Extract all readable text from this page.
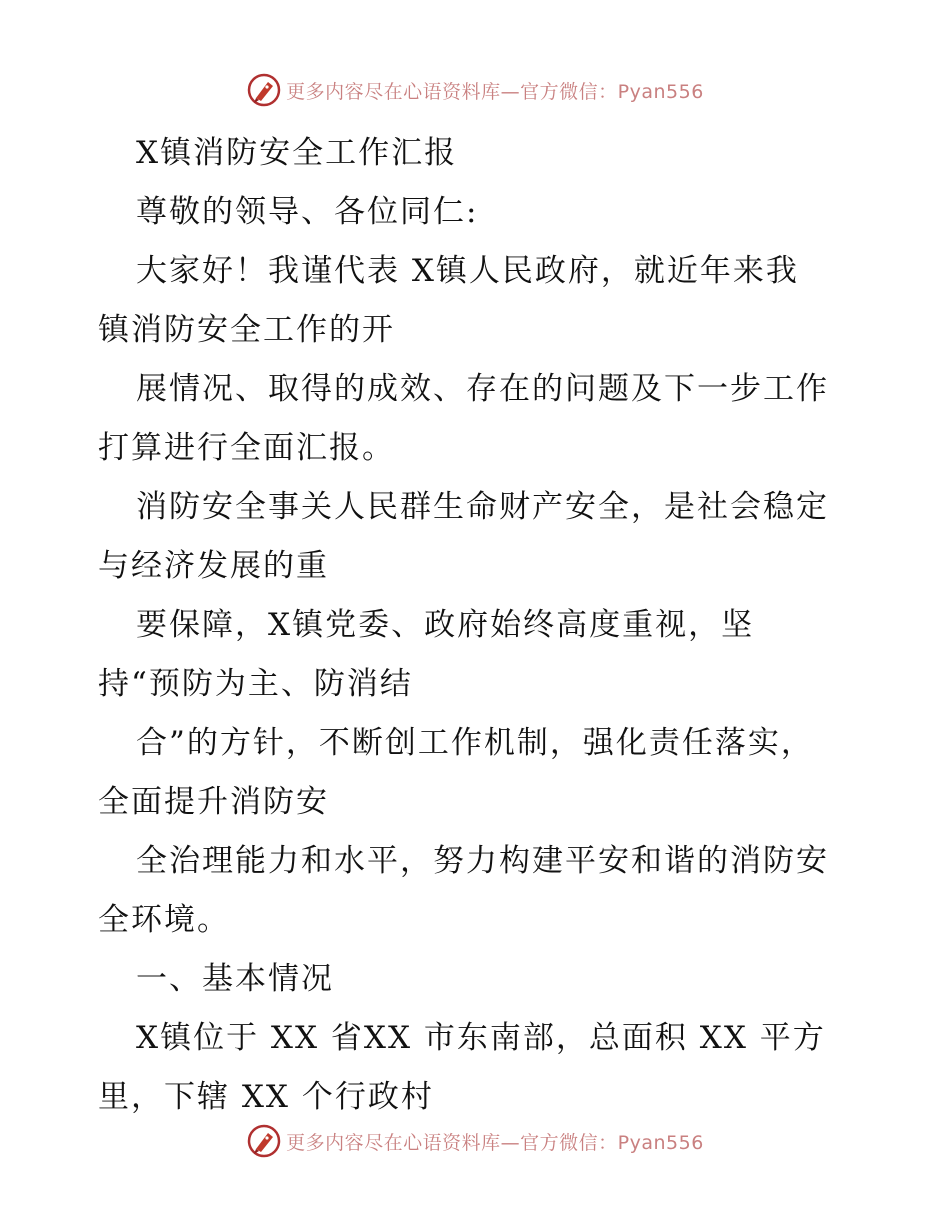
更多内容尽在心语资料库—官方微信：Pyan556
X镇消防安全工作汇报
尊敬的领导、各位同仁:
大家好！我谨代表 X镇人民政府，就近年来我
镇消防安全工作的开
展情况、取得的成效、存在的问题及下一步工作
打算进行全面汇报。
消防安全事关人民群生命财产安全，是社会稳定
与经济发展的重
要保障，X镇党委、政府始终高度重视，坚
持“预防为主、防消结
合”的方针，不断创工作机制，强化责任落实，
全面提升消防安
全治理能力和水平，努力构建平安和谐的消防安
全环境。
一、基本情况
X镇位于 XX 省XX 市东南部，总面积 XX 平方
里，下辖 XX 个行政村
更多内容尽在心语资料库—官方微信：Pyan556
